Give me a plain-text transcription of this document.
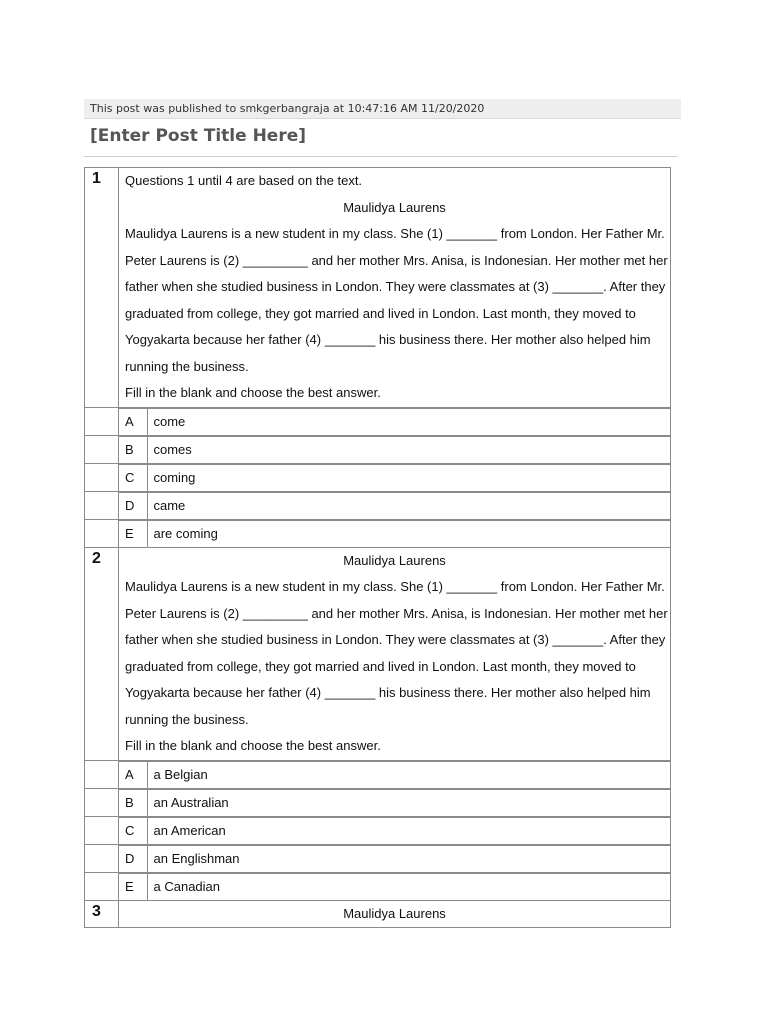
This post was published to smkgerbangraja at 10:47:16 AM 11/20/2020
[Enter Post Title Here]
1	Questions 1 until 4 are based on the text.
Maulidya Laurens
Maulidya Laurens is a new student in my class. She (1) _______ from London. Her Father Mr.
Peter Laurens is (2) _________ and her mother Mrs. Anisa, is Indonesian. Her mother met her
father when she studied business in London. They were classmates at (3) _______. After they
graduated from college, they got married and lived in London. Last month, they moved to
Yogyakarta because her father (4) _______ his business there. Her mother also helped him
running the business.
Fill in the blank and choose the best answer.

A	come

B	comes

C	coming

D	came

E	are coming

2	Maulidya Laurens
Maulidya Laurens is a new student in my class. She (1) _______ from London. Her Father Mr.
Peter Laurens is (2) _________ and her mother Mrs. Anisa, is Indonesian. Her mother met her
father when she studied business in London. They were classmates at (3) _______. After they
graduated from college, they got married and lived in London. Last month, they moved to
Yogyakarta because her father (4) _______ his business there. Her mother also helped him
running the business.
Fill in the blank and choose the best answer.

A	a Belgian

B	an Australian

C	an American

D	an Englishman

E	a Canadian

3	Maulidya Laurens
